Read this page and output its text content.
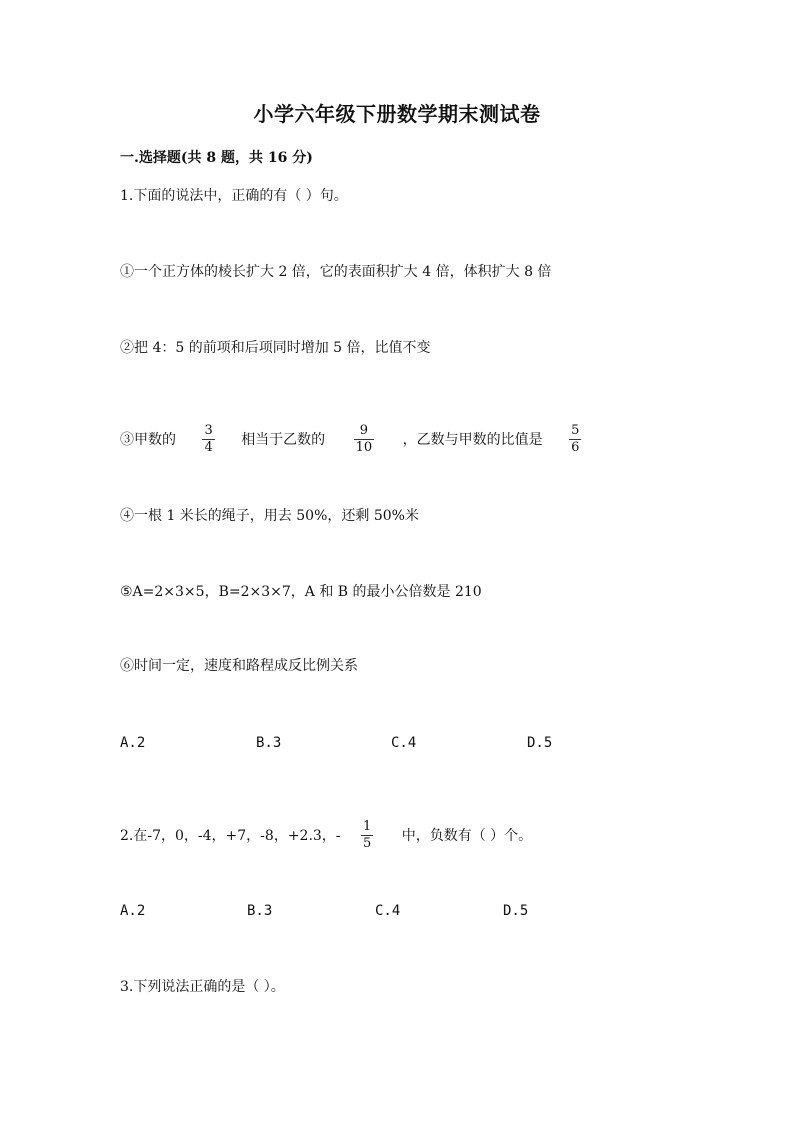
小学六年级下册数学期末测试卷
一.选择题(共 8 题，共 16 分)
1.下面的说法中，正确的有（ ）句。
①一个正方体的棱长扩大 2 倍，它的表面积扩大 4 倍，体积扩大 8 倍
②把 4：5 的前项和后项同时增加 5 倍，比值不变
③甲数的 $\frac{3}{4}$ 相当于乙数的 $\frac{9}{10}$ ，乙数与甲数的比值是 $\frac{5}{6}$
④一根 1 米长的绳子，用去 50%，还剩 50%米
⑤A=2×3×5，B=2×3×7，A 和 B 的最小公倍数是 210
⑥时间一定，速度和路程成反比例关系
A.2	B.3	C.4	D.5
2.在-7，0，-4，+7，-8，+2.3，- $\frac{1}{5}$ 中，负数有（ ）个。
A.2	B.3	C.4	D.5
3.下列说法正确的是（ ）。
